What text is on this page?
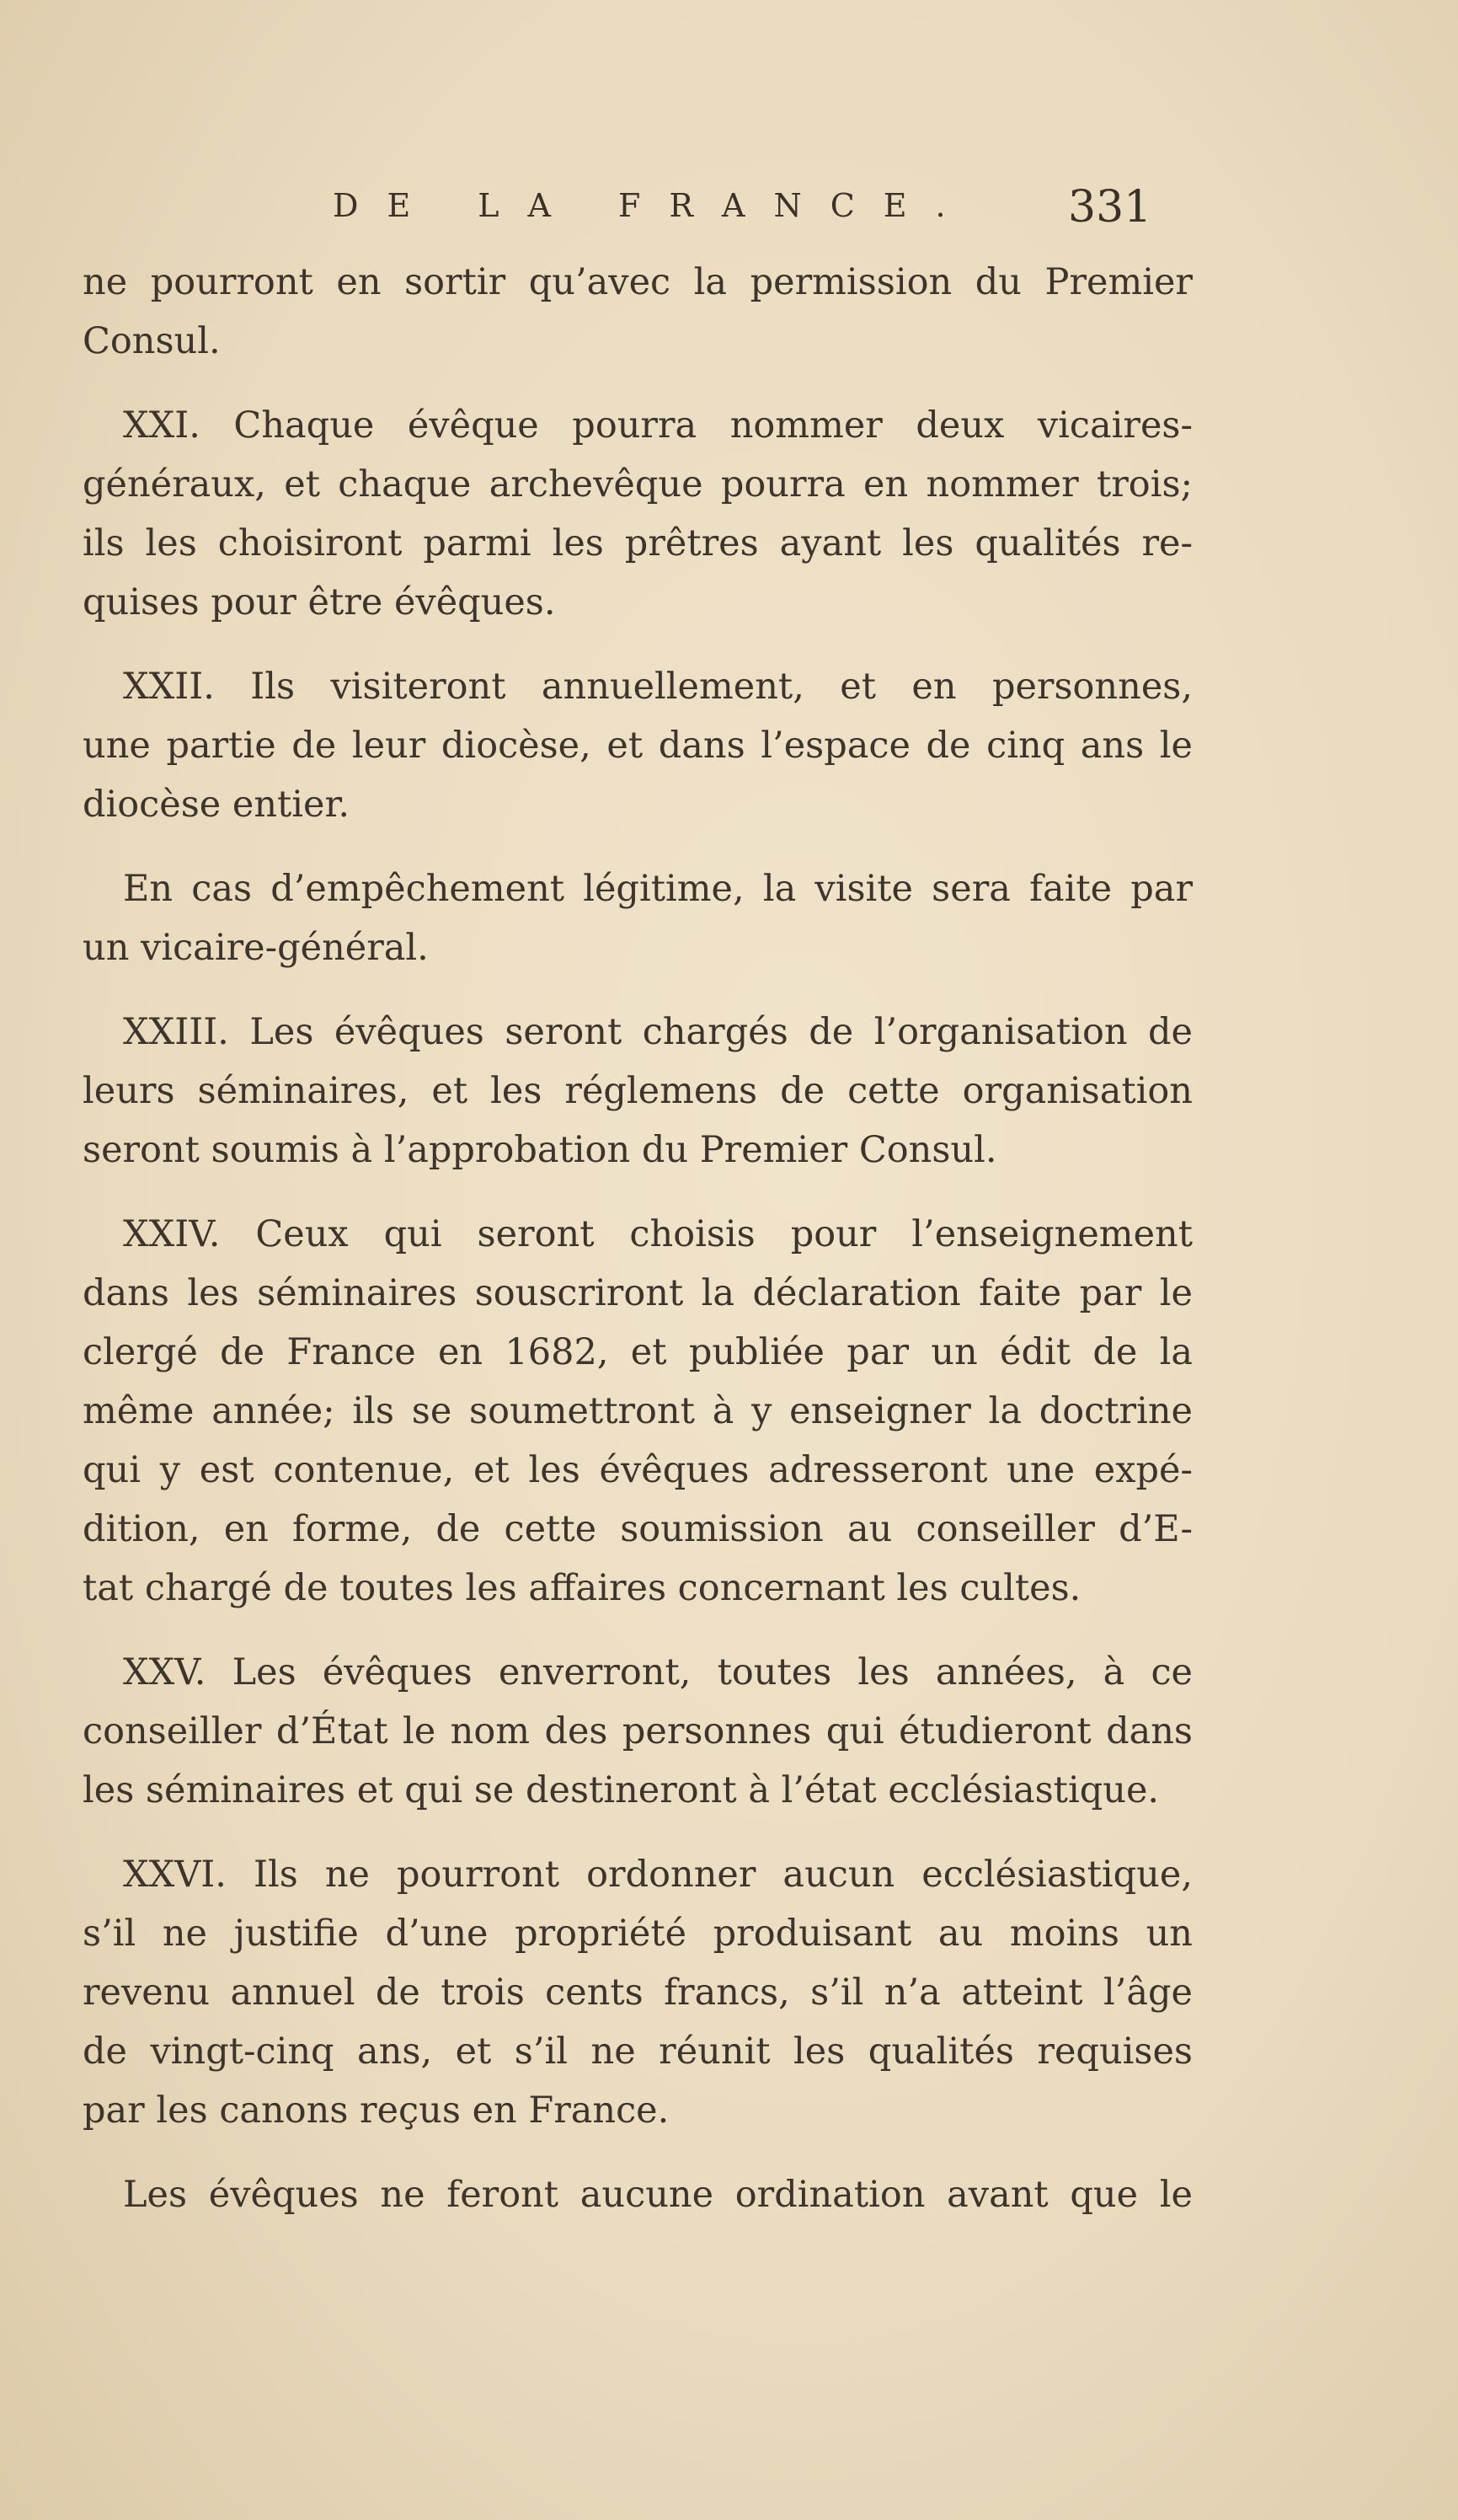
DE LA FRANCE. 331
ne pourront en sortir qu’avec la permission du Premier
Consul.
XXI. Chaque évêque pourra nommer deux vicaires-
généraux, et chaque archevêque pourra en nommer trois;
ils les choisiront parmi les prêtres ayant les qualités re-
quises pour être évêques.
XXII. Ils visiteront annuellement, et en personnes,
une partie de leur diocèse, et dans l’espace de cinq ans le
diocèse entier.
En cas d’empêchement légitime, la visite sera faite par
un vicaire-général.
XXIII. Les évêques seront chargés de l’organisation de
leurs séminaires, et les réglemens de cette organisation
seront soumis à l’approbation du Premier Consul.
XXIV. Ceux qui seront choisis pour l’enseignement
dans les séminaires souscriront la déclaration faite par le
clergé de France en 1682, et publiée par un édit de la
même année; ils se soumettront à y enseigner la doctrine
qui y est contenue, et les évêques adresseront une expé-
dition, en forme, de cette soumission au conseiller d’E-
tat chargé de toutes les affaires concernant les cultes.
XXV. Les évêques enverront, toutes les années, à ce
conseiller d’État le nom des personnes qui étudieront dans
les séminaires et qui se destineront à l’état ecclésiastique.
XXVI. Ils ne pourront ordonner aucun ecclésiastique,
s’il ne justifie d’une propriété produisant au moins un
revenu annuel de trois cents francs, s’il n’a atteint l’âge
de vingt-cinq ans, et s’il ne réunit les qualités requises
par les canons reçus en France.
Les évêques ne feront aucune ordination avant que le
